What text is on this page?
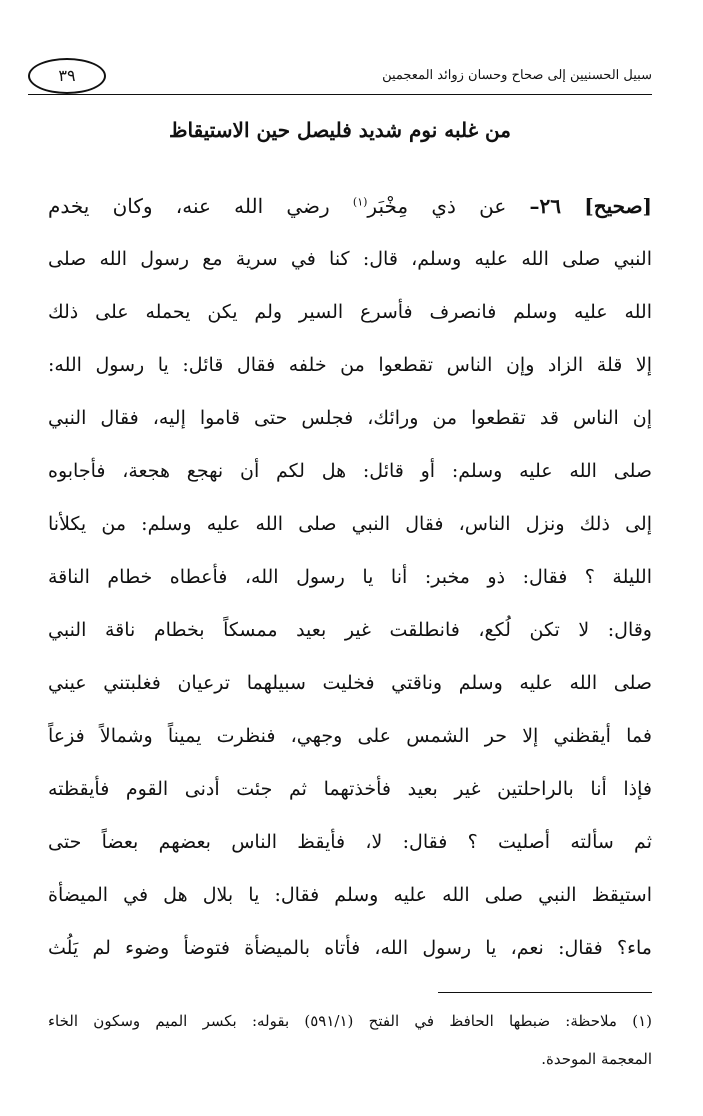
سبيل الحسنيين إلى صحاح وحسان زوائد المعجمين
٣٩
من غلبه نوم شديد فليصل حين الاستيقاظ
[صحيح] ٢٦– عن ذي مِخْبَر$^{(١)}$ رضي الله عنه، وكان يخدم
النبي صلى الله عليه وسلم، قال: كنا في سرية مع رسول الله صلى
الله عليه وسلم فانصرف فأسرع السير ولم يكن يحمله على ذلك
إلا قلة الزاد وإن الناس تقطعوا من خلفه فقال قائل: يا رسول الله:
إن الناس قد تقطعوا من ورائك، فجلس حتى قاموا إليه، فقال النبي
صلى الله عليه وسلم: أو قائل: هل لكم أن نهجع هجعة، فأجابوه
إلى ذلك ونزل الناس، فقال النبي صلى الله عليه وسلم: من يكلأنا
الليلة ؟ فقال: ذو مخبر: أنا يا رسول الله، فأعطاه خطام الناقة
وقال: لا تكن لُكع، فانطلقت غير بعيد ممسكاً بخطام ناقة النبي
صلى الله عليه وسلم وناقتي فخليت سبيلهما ترعيان فغلبتني عيني
فما أيقظني إلا حر الشمس على وجهي، فنظرت يميناً وشمالاً فزعاً
فإذا أنا بالراحلتين غير بعيد فأخذتهما ثم جئت أدنى القوم فأيقظته
ثم سألته أصليت ؟ فقال: لا، فأيقظ الناس بعضهم بعضاً حتى
استيقظ النبي صلى الله عليه وسلم فقال: يا بلال هل في الميضأة
ماء؟ فقال: نعم، يا رسول الله، فأتاه بالميضأة فتوضأ وضوء لم يَلُث
(١) ملاحظة: ضبطها الحافظ في الفتح (٥٩١/١) بقوله: بكسر الميم وسكون الخاء
المعجمة الموحدة.
